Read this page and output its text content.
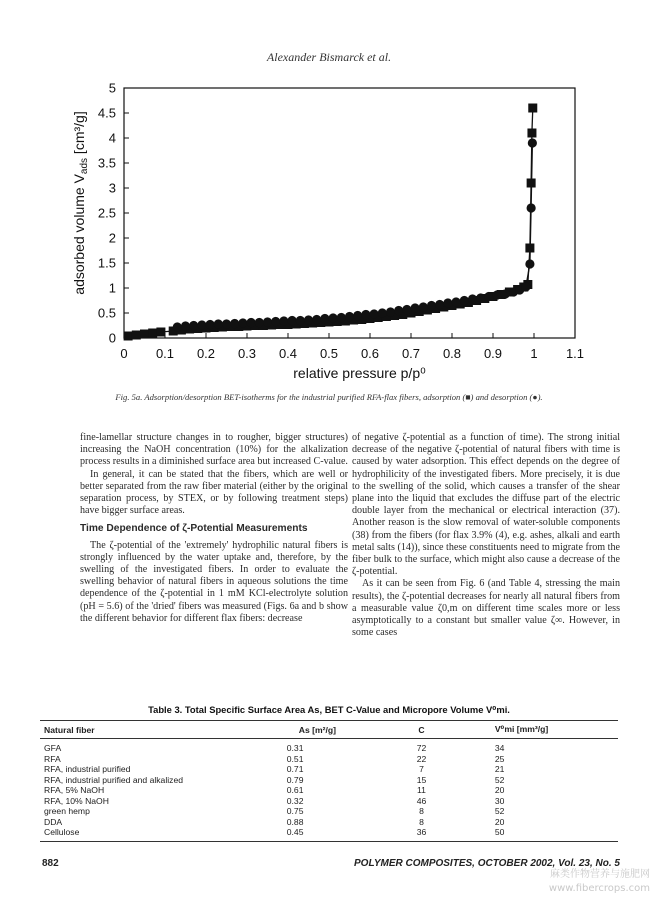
Alexander Bismarck et al.
0 0.1 0.2 0.3 0.4 0.5 0.6 0.7 0.8 0.9 1 1.1
0
0.5
1
1.5
2
2.5
3
3.5
4
4.5
5
relative pressure p/p⁰
adsorbed volume $V_{ads}$ [cm³/g]
Fig. 5a. Adsorption/desorption BET-isotherms for the industrial purified RFA-flax fibers, adsorption (■) and desorption (●).

fine-lamellar structure changes in to rougher, bigger structures) increasing the NaOH concentration (10%) for the alkalization process results in a diminished surface area but increased C-value.

In general, it can be stated that the fibers, which are well or better separated from the raw fiber material (either by the original separation process, by STEX, or by following treatment steps) have bigger surface areas.

Time Dependence of ζ-Potential Measurements

The ζ-potential of the 'extremely' hydrophilic natural fibers is strongly influenced by the water uptake and, therefore, by the swelling of the investigated fibers. In order to evaluate the swelling behavior of natural fibers in aqueous solutions the time dependence of the ζ-potential in 1 mM KCl-electrolyte solution (pH = 5.6) of the 'dried' fibers was measured (Figs. 6a and b show the different behavior for different flax fibers: decrease

of negative ζ-potential as a function of time). The strong initial decrease of the negative ζ-potential of natural fibers with time is caused by water adsorption. This effect depends on the degree of hydrophilicity of the investigated fibers. More precisely, it is due to the swelling of the solid, which causes a transfer of the shear plane into the liquid that excludes the diffuse part of the electric double layer from the mechanical or electrical interaction (37). Another reason is the slow removal of water-soluble components (38) from the fibers (for flax 3.9% (4), e.g. ashes, alkali and earth metal salts (14)), since these constituents need to migrate from the fiber bulk to the surface, which might also cause a decrease of the ζ-potential.

As it can be seen from Fig. 6 (and Table 4, stressing the main results), the ζ-potential decreases for nearly all natural fibers from a measurable value ζ0,m on different time scales more or less asymptotically to a constant but smaller value ζ∞. However, in some cases

Table 3. Total Specific Surface Area As, BET C-Value and Micropore Volume V⁰mi.
Natural fiber	As [m²/g]	C	V⁰mi [mm³/g]
GFA	0.31	72	34
RFA	0.51	22	25
RFA, industrial purified	0.71	7	21
RFA, industrial purified and alkalized	0.79	15	52
RFA, 5% NaOH	0.61	11	20
RFA, 10% NaOH	0.32	46	30
green hemp	0.75	8	52
DDA	0.88	8	20
Cellulose	0.45	36	50
882	POLYMER COMPOSITES, OCTOBER 2002, Vol. 23, No. 5
麻类作物营养与施肥网
www.fibercrops.com
